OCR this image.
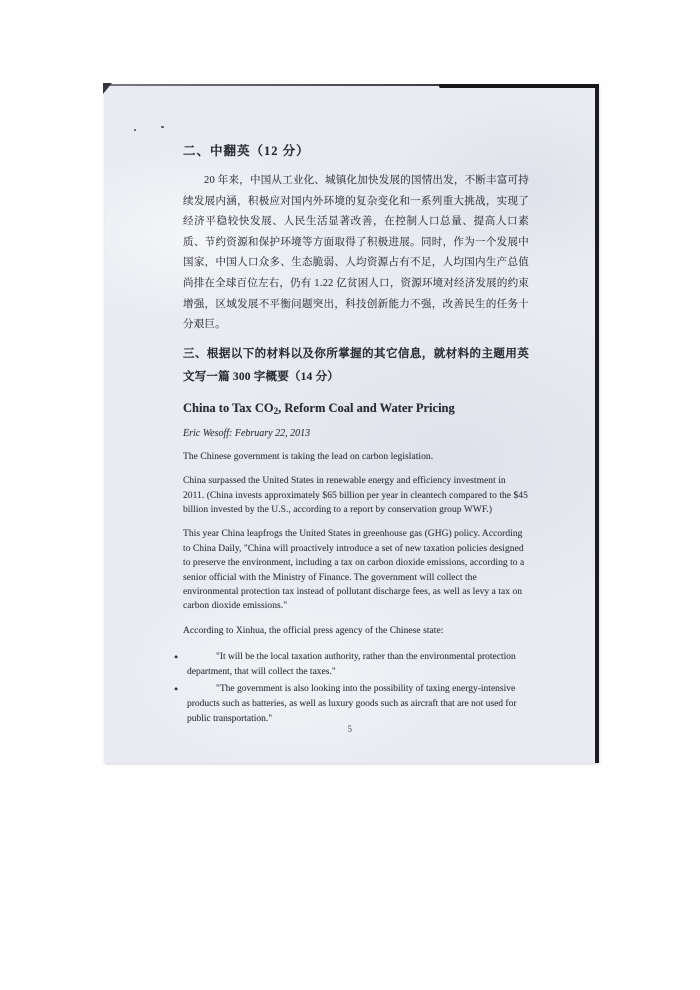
二、中翻英（12 分）

20 年来，中国从工业化、城镇化加快发展的国情出发，不断丰富可持续发展内涵，积极应对国内外环境的复杂变化和一系列重大挑战，实现了经济平稳较快发展、人民生活显著改善，在控制人口总量、提高人口素质、节约资源和保护环境等方面取得了积极进展。同时，作为一个发展中国家，中国人口众多、生态脆弱、人均资源占有不足，人均国内生产总值尚排在全球百位左右，仍有 1.22 亿贫困人口，资源环境对经济发展的约束增强，区域发展不平衡问题突出，科技创新能力不强，改善民生的任务十分艰巨。

三、根据以下的材料以及你所掌握的其它信息，就材料的主题用英文写一篇 300 字概要（14 分）
China to Tax $CO_2$, Reform Coal and Water Pricing

Eric Wesoff: February 22, 2013

The Chinese government is taking the lead on carbon legislation.

China surpassed the United States in renewable energy and efficiency investment in 2011. (China invests approximately $65 billion per year in cleantech compared to the $45 billion invested by the U.S., according to a report by conservation group WWF.)

This year China leapfrogs the United States in greenhouse gas (GHG) policy. According to China Daily, "China will proactively introduce a set of new taxation policies designed to preserve the environment, including a tax on carbon dioxide emissions, according to a senior official with the Ministry of Finance. The government will collect the environmental protection tax instead of pollutant discharge fees, as well as levy a tax on carbon dioxide emissions."

According to Xinhua, the official press agency of the Chinese state:

• "It will be the local taxation authority, rather than the environmental protection department, that will collect the taxes."
• "The government is also looking into the possibility of taxing energy-intensive products such as batteries, as well as luxury goods such as aircraft that are not used for public transportation."
5
